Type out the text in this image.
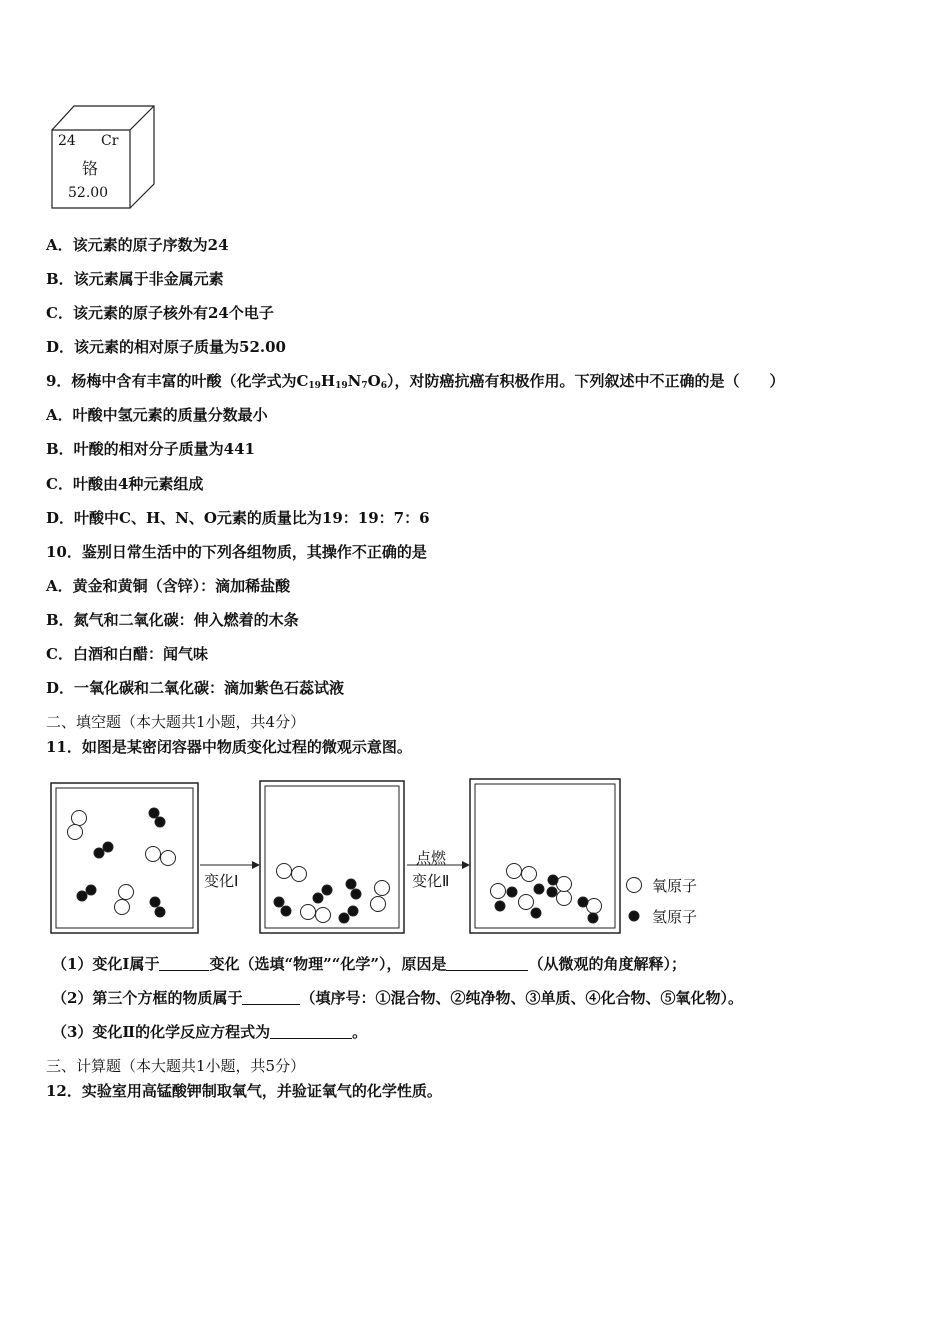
24 Cr
铬
52.00
A．该元素的原子序数为24
B．该元素属于非金属元素
C．该元素的原子核外有24个电子
D．该元素的相对原子质量为52.00
9．杨梅中含有丰富的叶酸（化学式为$C_{19}H_{19}N_7O_6$），对防癌抗癌有积极作用。下列叙述中不正确的是（　　）
A．叶酸中氢元素的质量分数最小
B．叶酸的相对分子质量为441
C．叶酸由4种元素组成
D．叶酸中C、H、N、O元素的质量比为19：19：7：6
10．鉴别日常生活中的下列各组物质，其操作不正确的是
A．黄金和黄铜（含锌）：滴加稀盐酸
B．氮气和二氧化碳：伸入燃着的木条
C．白酒和白醋：闻气味
D．一氧化碳和二氧化碳：滴加紫色石蕊试液
二、填空题（本大题共1小题，共4分）
11．如图是某密闭容器中物质变化过程的微观示意图。
变化Ⅰ
点燃
变化Ⅱ	氧原子
氢原子
（1）变化Ⅰ属于	变化（选填“物理”“化学”），原因是	（从微观的角度解释）；
（2）第三个方框的物质属于	（填序号：①混合物、②纯净物、③单质、④化合物、⑤氧化物）。
（3）变化Ⅱ的化学反应方程式为	。
三、计算题（本大题共1小题，共5分）
12．实验室用高锰酸钾制取氧气，并验证氧气的化学性质。
